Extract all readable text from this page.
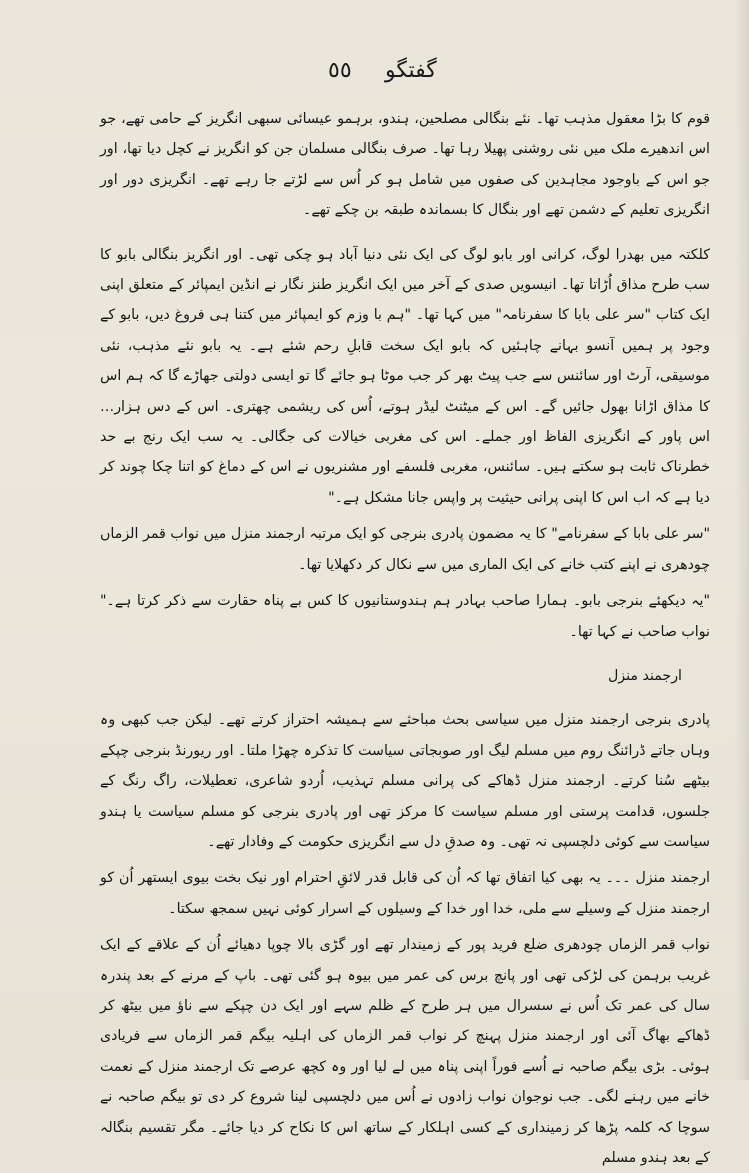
٥٥ گفتگو

قوم کا بڑا معقول مذہب تھا۔ نئے بنگالی مصلحین، ہندو، برہمو عیسائی سبھی انگریز کے حامی تھے، جو اس اندھیرے ملک میں نئی روشنی پھیلا رہا تھا۔ صرف بنگالی مسلمان جن کو انگریز نے کچل دیا تھا، اور جو اس کے باوجود مجاہدین کی صفوں میں شامل ہو کر اُس سے لڑتے جا رہے تھے۔ انگریزی دور اور انگریزی تعلیم کے دشمن تھے اور بنگال کا بسماندہ طبقہ بن چکے تھے۔

کلکتہ میں بھدرا لوگ، کرانی اور بابو لوگ کی ایک نئی دنیا آباد ہو چکی تھی۔ اور انگریز بنگالی بابو کا سب طرح مذاق اُڑاتا تھا۔ انیسویں صدی کے آخر میں ایک انگریز طنز نگار نے انڈین ایمپائر کے متعلق اپنی ایک کتاب "سر علی بابا کا سفرنامہ" میں کہا تھا۔ "ہم با وزم کو ایمپائر میں کتنا ہی فروغ دیں، بابو کے وجود پر ہمیں آنسو بہانے چاہئیں کہ بابو ایک سخت قابلِ رحم شئے ہے۔ یہ بابو نئے مذہب، نئی موسیقی، آرٹ اور سائنس سے جب پیٹ بھر کر جب موٹا ہو جائے گا تو ایسی دولتی جھاڑے گا کہ ہم اس کا مذاق اڑانا بھول جائیں گے۔ اس کے میٹنٹ لیڈر ہوتے، اُس کی ریشمی چھتری۔ اس کے دس ہزار… اس پاور کے انگریزی الفاظ اور جملے۔ اس کی مغربی خیالات کی جگالی۔ یہ سب ایک رنج بے حد خطرناک ثابت ہو سکتے ہیں۔ سائنس، مغربی فلسفے اور مشنریوں نے اس کے دماغ کو اتنا چکا چوند کر دیا ہے کہ اب اس کا اپنی پرانی حیثیت پر واپس جانا مشکل ہے۔"

"سر علی بابا کے سفرنامے" کا یہ مضمون پادری بنرجی کو ایک مرتبہ ارجمند منزل میں نواب قمر الزماں چودھری نے اپنے کتب خانے کی ایک الماری میں سے نکال کر دکھلایا تھا۔

"یہ دیکھئے بنرجی بابو۔ ہمارا صاحب بہادر ہم ہندوستانیوں کا کس بے پناہ حقارت سے ذکر کرتا ہے۔" نواب صاحب نے کہا تھا۔

ارجمند منزل

پادری بنرجی ارجمند منزل میں سیاسی بحث مباحثے سے ہمیشہ احتراز کرتے تھے۔ لیکن جب کبھی وہ وہاں جاتے ڈرائنگ روم میں مسلم لیگ اور صوبجاتی سیاست کا تذکرہ چھڑا ملتا۔ اور ریورنڈ بنرجی چپکے بیٹھے سُنا کرتے۔ ارجمند منزل ڈھاکے کی پرانی مسلم تہذیب، اُردو شاعری، تعطیلات، راگ رنگ کے جلسوں، قدامت پرستی اور مسلم سیاست کا مرکز تھی اور پادری بنرجی کو مسلم سیاست یا ہندو سیاست سے کوئی دلچسپی نہ تھی۔ وہ صدقِ دل سے انگریزی حکومت کے وفادار تھے۔

ارجمند منزل ۔۔۔ یہ بھی کیا اتفاق تھا کہ اُن کی قابل قدر لائقِ احترام اور نیک بخت بیوی ایستھر اُن کو ارجمند منزل کے وسیلے سے ملی، خدا اور خدا کے وسیلوں کے اسرار کوئی نہیں سمجھ سکتا۔

نواب قمر الزماں چودھری ضلع فرید پور کے زمیندار تھے اور گڑی بالا چوپا دھیائے اُن کے علاقے کے ایک غریب برہمن کی لڑکی تھی اور پانچ برس کی عمر میں بیوہ ہو گئی تھی۔ باپ کے مرنے کے بعد پندرہ سال کی عمر تک اُس نے سسرال میں ہر طرح کے ظلم سہے اور ایک دن چپکے سے ناؤ میں بیٹھ کر ڈھاکے بھاگ آئی اور ارجمند منزل پہنچ کر نواب قمر الزماں کی اہلیہ بیگم قمر الزماں سے فریادی ہوئی۔ بڑی بیگم صاحبہ نے اُسے فوراً اپنی پناہ میں لے لیا اور وہ کچھ عرصے تک ارجمند منزل کے نعمت خانے میں رہنے لگی۔ جب نوجوان نواب زادوں نے اُس میں دلچسپی لینا شروع کر دی تو بیگم صاحبہ نے سوچا کہ کلمہ پڑھا کر زمینداری کے کسی اہلکار کے ساتھ اس کا نکاح کر دیا جائے۔ مگر تقسیم بنگالہ کے بعد ہندو مسلم
